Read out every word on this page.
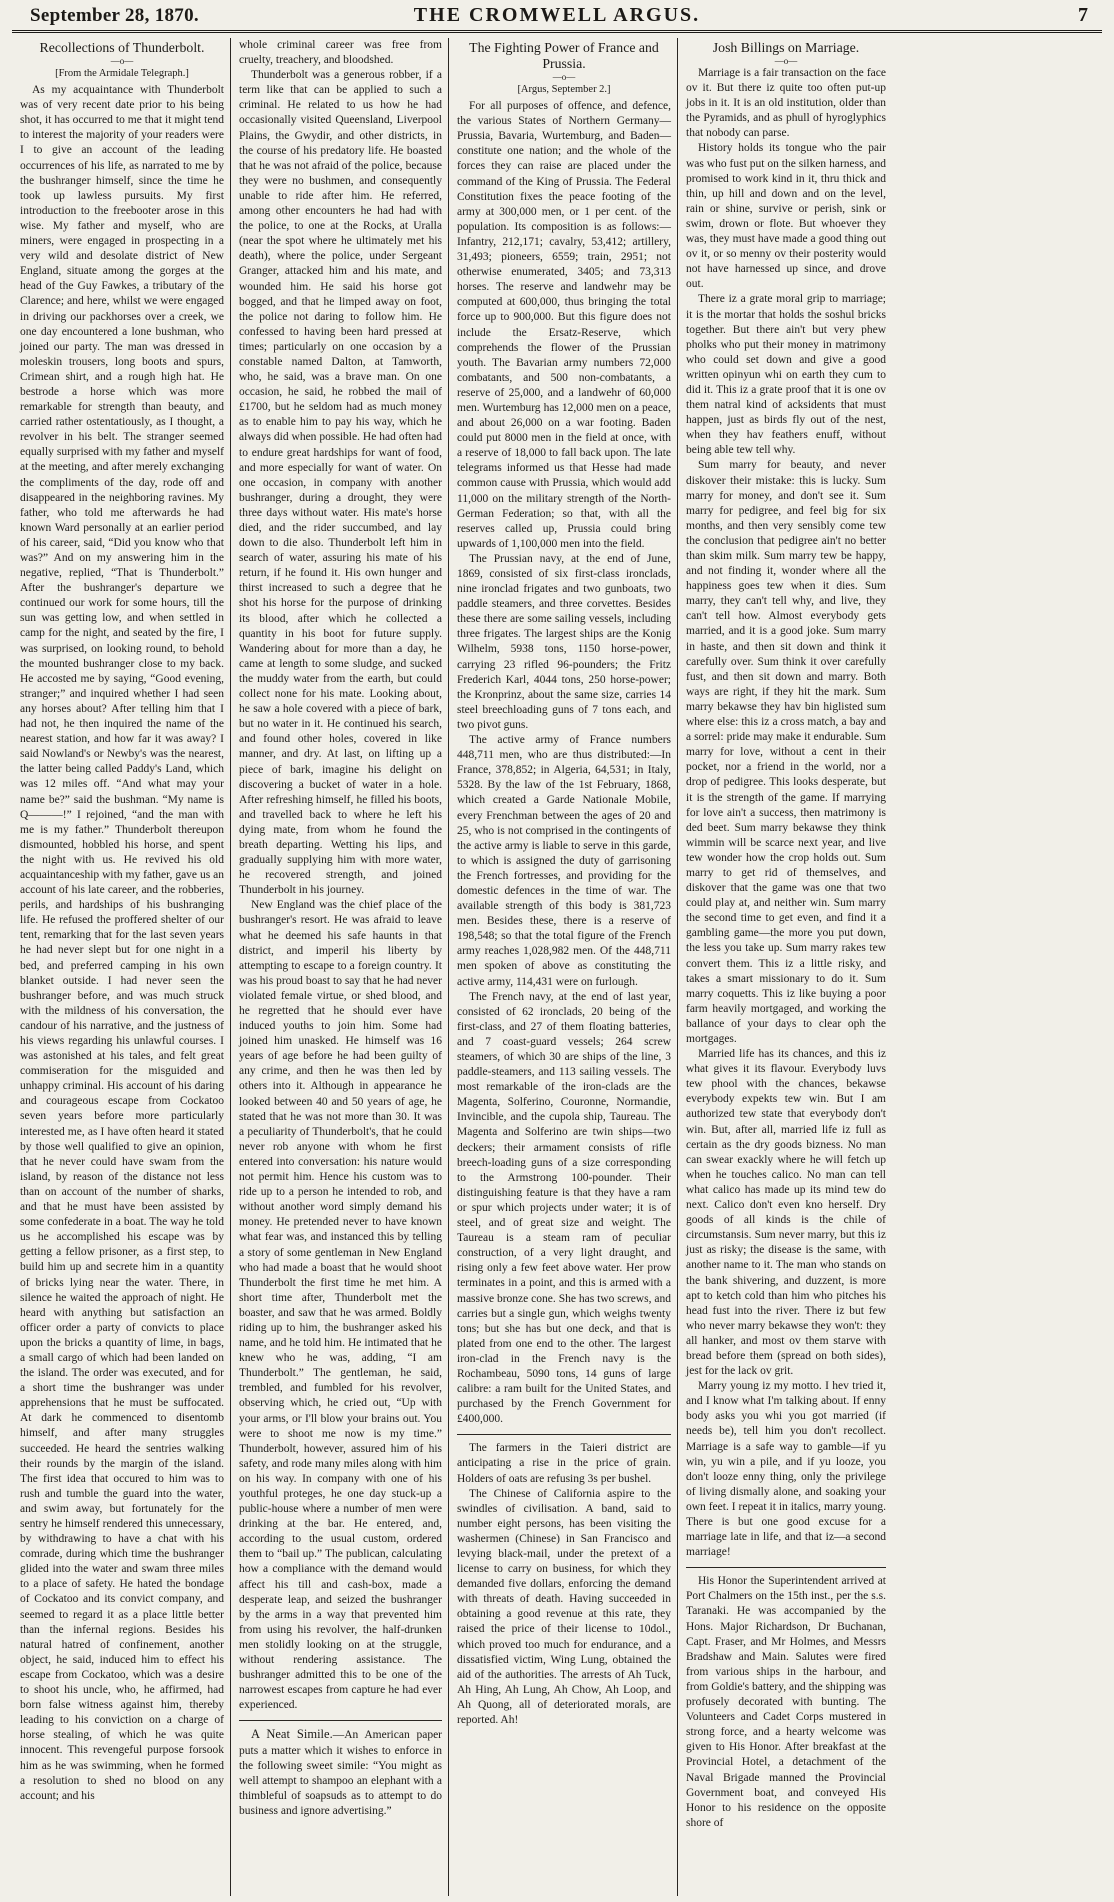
September 28, 1870.	THE CROMWELL ARGUS.	7
Recollections of Thunderbolt.
—o—
[From the Armidale Telegraph.]

As my acquaintance with Thunderbolt was of very recent date prior to his being shot, it has occurred to me that it might tend to interest the majority of your readers were I to give an account of the leading occurrences of his life, as narrated to me by the bushranger himself, since the time he took up lawless pursuits. My first introduction to the freebooter arose in this wise. My father and myself, who are miners, were engaged in prospecting in a very wild and desolate district of New England, situate among the gorges at the head of the Guy Fawkes, a tributary of the Clarence; and here, whilst we were engaged in driving our packhorses over a creek, we one day encountered a lone bushman, who joined our party. The man was dressed in moleskin trousers, long boots and spurs, Crimean shirt, and a rough high hat. He bestrode a horse which was more remarkable for strength than beauty, and carried rather ostentatiously, as I thought, a revolver in his belt. The stranger seemed equally surprised with my father and myself at the meeting, and after merely exchanging the compliments of the day, rode off and disappeared in the neighboring ravines. My father, who told me afterwards he had known Ward personally at an earlier period of his career, said, “Did you know who that was?” And on my answering him in the negative, replied, “That is Thunderbolt.” After the bushranger's departure we continued our work for some hours, till the sun was getting low, and when settled in camp for the night, and seated by the fire, I was surprised, on looking round, to behold the mounted bushranger close to my back. He accosted me by saying, “Good evening, stranger;” and inquired whether I had seen any horses about? After telling him that I had not, he then inquired the name of the nearest station, and how far it was away? I said Nowland's or Newby's was the nearest, the latter being called Paddy's Land, which was 12 miles off. “And what may your name be?” said the bushman. “My name is Q———!” I rejoined, “and the man with me is my father.” Thunderbolt thereupon dismounted, hobbled his horse, and spent the night with us. He revived his old acquaintanceship with my father, gave us an account of his late career, and the robberies, perils, and hardships of his bushranging life. He refused the proffered shelter of our tent, remarking that for the last seven years he had never slept but for one night in a bed, and preferred camping in his own blanket outside. I had never seen the bushranger before, and was much struck with the mildness of his conversation, the candour of his narrative, and the justness of his views regarding his unlawful courses. I was astonished at his tales, and felt great commiseration for the misguided and unhappy criminal. His account of his daring and courageous escape from Cockatoo seven years before more particularly interested me, as I have often heard it stated by those well qualified to give an opinion, that he never could have swam from the island, by reason of the distance not less than on account of the number of sharks, and that he must have been assisted by some confederate in a boat. The way he told us he accomplished his escape was by getting a fellow prisoner, as a first step, to build him up and secrete him in a quantity of bricks lying near the water. There, in silence he waited the approach of night. He heard with anything but satisfaction an officer order a party of convicts to place upon the bricks a quantity of lime, in bags, a small cargo of which had been landed on the island. The order was executed, and for a short time the bushranger was under apprehensions that he must be suffocated. At dark he commenced to disentomb himself, and after many struggles succeeded. He heard the sentries walking their rounds by the margin of the island. The first idea that occured to him was to rush and tumble the guard into the water, and swim away, but fortunately for the sentry he himself rendered this unnecessary, by withdrawing to have a chat with his comrade, during which time the bushranger glided into the water and swam three miles to a place of safety. He hated the bondage of Cockatoo and its convict company, and seemed to regard it as a place little better than the infernal regions. Besides his natural hatred of confinement, another object, he said, induced him to effect his escape from Cockatoo, which was a desire to shoot his uncle, who, he affirmed, had born false witness against him, thereby leading to his conviction on a charge of horse stealing, of which he was quite innocent. This revengeful purpose forsook him as he was swimming, when he formed a resolution to shed no blood on any account; and his

whole criminal career was free from cruelty, treachery, and bloodshed.

Thunderbolt was a generous robber, if a term like that can be applied to such a criminal. He related to us how he had occasionally visited Queensland, Liverpool Plains, the Gwydir, and other districts, in the course of his predatory life. He boasted that he was not afraid of the police, because they were no bushmen, and consequently unable to ride after him. He referred, among other encounters he had had with the police, to one at the Rocks, at Uralla (near the spot where he ultimately met his death), where the police, under Sergeant Granger, attacked him and his mate, and wounded him. He said his horse got bogged, and that he limped away on foot, the police not daring to follow him. He confessed to having been hard pressed at times; particularly on one occasion by a constable named Dalton, at Tamworth, who, he said, was a brave man. On one occasion, he said, he robbed the mail of £1700, but he seldom had as much money as to enable him to pay his way, which he always did when possible. He had often had to endure great hardships for want of food, and more especially for want of water. On one occasion, in company with another bushranger, during a drought, they were three days without water. His mate's horse died, and the rider succumbed, and lay down to die also. Thunderbolt left him in search of water, assuring his mate of his return, if he found it. His own hunger and thirst increased to such a degree that he shot his horse for the purpose of drinking its blood, after which he collected a quantity in his boot for future supply. Wandering about for more than a day, he came at length to some sludge, and sucked the muddy water from the earth, but could collect none for his mate. Looking about, he saw a hole covered with a piece of bark, but no water in it. He continued his search, and found other holes, covered in like manner, and dry. At last, on lifting up a piece of bark, imagine his delight on discovering a bucket of water in a hole. After refreshing himself, he filled his boots, and travelled back to where he left his dying mate, from whom he found the breath departing. Wetting his lips, and gradually supplying him with more water, he recovered strength, and joined Thunderbolt in his journey.

New England was the chief place of the bushranger's resort. He was afraid to leave what he deemed his safe haunts in that district, and imperil his liberty by attempting to escape to a foreign country. It was his proud boast to say that he had never violated female virtue, or shed blood, and he regretted that he should ever have induced youths to join him. Some had joined him unasked. He himself was 16 years of age before he had been guilty of any crime, and then he was then led by others into it. Although in appearance he looked between 40 and 50 years of age, he stated that he was not more than 30. It was a peculiarity of Thunderbolt's, that he could never rob anyone with whom he first entered into conversation: his nature would not permit him. Hence his custom was to ride up to a person he intended to rob, and without another word simply demand his money. He pretended never to have known what fear was, and instanced this by telling a story of some gentleman in New England who had made a boast that he would shoot Thunderbolt the first time he met him. A short time after, Thunderbolt met the boaster, and saw that he was armed. Boldly riding up to him, the bushranger asked his name, and he told him. He intimated that he knew who he was, adding, “I am Thunderbolt.” The gentleman, he said, trembled, and fumbled for his revolver, observing which, he cried out, “Up with your arms, or I'll blow your brains out. You were to shoot me now is my time.” Thunderbolt, however, assured him of his safety, and rode many miles along with him on his way. In company with one of his youthful proteges, he one day stuck-up a public-house where a number of men were drinking at the bar. He entered, and, according to the usual custom, ordered them to “bail up.” The publican, calculating how a compliance with the demand would affect his till and cash-box, made a desperate leap, and seized the bushranger by the arms in a way that prevented him from using his revolver, the half-drunken men stolidly looking on at the struggle, without rendering assistance. The bushranger admitted this to be one of the narrowest escapes from capture he had ever experienced.

A Neat Simile.—An American paper puts a matter which it wishes to enforce in the following sweet simile: “You might as well attempt to shampoo an elephant with a thimbleful of soapsuds as to attempt to do business and ignore advertising.”

The Fighting Power of France and
Prussia.
—o—
[Argus, September 2.]

For all purposes of offence, and defence, the various States of Northern Germany—Prussia, Bavaria, Wurtemburg, and Baden—constitute one nation; and the whole of the forces they can raise are placed under the command of the King of Prussia. The Federal Constitution fixes the peace footing of the army at 300,000 men, or 1 per cent. of the population. Its composition is as follows:—Infantry, 212,171; cavalry, 53,412; artillery, 31,493; pioneers, 6559; train, 2951; not otherwise enumerated, 3405; and 73,313 horses. The reserve and landwehr may be computed at 600,000, thus bringing the total force up to 900,000. But this figure does not include the Ersatz-Reserve, which comprehends the flower of the Prussian youth. The Bavarian army numbers 72,000 combatants, and 500 non-combatants, a reserve of 25,000, and a landwehr of 60,000 men. Wurtemburg has 12,000 men on a peace, and about 26,000 on a war footing. Baden could put 8000 men in the field at once, with a reserve of 18,000 to fall back upon. The late telegrams informed us that Hesse had made common cause with Prussia, which would add 11,000 on the military strength of the North-German Federation; so that, with all the reserves called up, Prussia could bring upwards of 1,100,000 men into the field.

The Prussian navy, at the end of June, 1869, consisted of six first-class ironclads, nine ironclad frigates and two gunboats, two paddle steamers, and three corvettes. Besides these there are some sailing vessels, including three frigates. The largest ships are the Konig Wilhelm, 5938 tons, 1150 horse-power, carrying 23 rifled 96-pounders; the Fritz Frederich Karl, 4044 tons, 250 horse-power; the Kronprinz, about the same size, carries 14 steel breechloading guns of 7 tons each, and two pivot guns.

The active army of France numbers 448,711 men, who are thus distributed:—In France, 378,852; in Algeria, 64,531; in Italy, 5328. By the law of the 1st February, 1868, which created a Garde Nationale Mobile, every Frenchman between the ages of 20 and 25, who is not comprised in the contingents of the active army is liable to serve in this garde, to which is assigned the duty of garrisoning the French fortresses, and providing for the domestic defences in the time of war. The available strength of this body is 381,723 men. Besides these, there is a reserve of 198,548; so that the total figure of the French army reaches 1,028,982 men. Of the 448,711 men spoken of above as constituting the active army, 114,431 were on furlough.

The French navy, at the end of last year, consisted of 62 ironclads, 20 being of the first-class, and 27 of them floating batteries, and 7 coast-guard vessels; 264 screw steamers, of which 30 are ships of the line, 3 paddle-steamers, and 113 sailing vessels. The most remarkable of the iron-clads are the Magenta, Solferino, Couronne, Normandie, Invincible, and the cupola ship, Taureau. The Magenta and Solferino are twin ships—two deckers; their armament consists of rifle breech-loading guns of a size corresponding to the Armstrong 100-pounder. Their distinguishing feature is that they have a ram or spur which projects under water; it is of steel, and of great size and weight. The Taureau is a steam ram of peculiar construction, of a very light draught, and rising only a few feet above water. Her prow terminates in a point, and this is armed with a massive bronze cone. She has two screws, and carries but a single gun, which weighs twenty tons; but she has but one deck, and that is plated from one end to the other. The largest iron-clad in the French navy is the Rochambeau, 5090 tons, 14 guns of large calibre: a ram built for the United States, and purchased by the French Government for £400,000.

The farmers in the Taieri district are anticipating a rise in the price of grain. Holders of oats are refusing 3s per bushel.

The Chinese of California aspire to the swindles of civilisation. A band, said to number eight persons, has been visiting the washermen (Chinese) in San Francisco and levying black-mail, under the pretext of a license to carry on business, for which they demanded five dollars, enforcing the demand with threats of death. Having succeeded in obtaining a good revenue at this rate, they raised the price of their license to 10dol., which proved too much for endurance, and a dissatisfied victim, Wing Lung, obtained the aid of the authorities. The arrests of Ah Tuck, Ah Hing, Ah Lung, Ah Chow, Ah Loop, and Ah Quong, all of deteriorated morals, are reported. Ah!

Josh Billings on Marriage.
—o—

Marriage is a fair transaction on the face ov it. But there iz quite too often put-up jobs in it. It is an old institution, older than the Pyramids, and as phull of hyroglyphics that nobody can parse.

History holds its tongue who the pair was who fust put on the silken harness, and promised to work kind in it, thru thick and thin, up hill and down and on the level, rain or shine, survive or perish, sink or swim, drown or flote. But whoever they was, they must have made a good thing out ov it, or so menny ov their posterity would not have harnessed up since, and drove out.

There iz a grate moral grip to marriage; it is the mortar that holds the soshul bricks together. But there ain't but very phew pholks who put their money in matrimony who could set down and give a good written opinyun whi on earth they cum to did it. This iz a grate proof that it is one ov them natral kind of acksidents that must happen, just as birds fly out of the nest, when they hav feathers enuff, without being able tew tell why.

Sum marry for beauty, and never diskover their mistake: this is lucky. Sum marry for money, and don't see it. Sum marry for pedigree, and feel big for six months, and then very sensibly come tew the conclusion that pedigree ain't no better than skim milk. Sum marry tew be happy, and not finding it, wonder where all the happiness goes tew when it dies. Sum marry, they can't tell why, and live, they can't tell how. Almost everybody gets married, and it is a good joke. Sum marry in haste, and then sit down and think it carefully over. Sum think it over carefully fust, and then sit down and marry. Both ways are right, if they hit the mark. Sum marry bekawse they hav bin higlisted sum where else: this iz a cross match, a bay and a sorrel: pride may make it endurable. Sum marry for love, without a cent in their pocket, nor a friend in the world, nor a drop of pedigree. This looks desperate, but it is the strength of the game. If marrying for love ain't a success, then matrimony is ded beet. Sum marry bekawse they think wimmin will be scarce next year, and live tew wonder how the crop holds out. Sum marry to get rid of themselves, and diskover that the game was one that two could play at, and neither win. Sum marry the second time to get even, and find it a gambling game—the more you put down, the less you take up. Sum marry rakes tew convert them. This iz a little risky, and takes a smart missionary to do it. Sum marry coquetts. This iz like buying a poor farm heavily mortgaged, and working the ballance of your days to clear oph the mortgages.

Married life has its chances, and this iz what gives it its flavour. Everybody luvs tew phool with the chances, bekawse everybody expekts tew win. But I am authorized tew state that everybody don't win. But, after all, married life iz full as certain as the dry goods bizness. No man can swear exackly where he will fetch up when he touches calico. No man can tell what calico has made up its mind tew do next. Calico don't even kno herself. Dry goods of all kinds is the chile of circumstansis. Sum never marry, but this iz just as risky; the disease is the same, with another name to it. The man who stands on the bank shivering, and duzzent, is more apt to ketch cold than him who pitches his head fust into the river. There iz but few who never marry bekawse they won't: they all hanker, and most ov them starve with bread before them (spread on both sides), jest for the lack ov grit.

Marry young iz my motto. I hev tried it, and I know what I'm talking about. If enny body asks you whi you got married (if needs be), tell him you don't recollect. Marriage is a safe way to gamble—if yu win, yu win a pile, and if yu looze, you don't looze enny thing, only the privilege of living dismally alone, and soaking your own feet. I repeat it in italics, marry young. There is but one good excuse for a marriage late in life, and that iz—a second marriage!

His Honor the Superintendent arrived at Port Chalmers on the 15th inst., per the s.s. Taranaki. He was accompanied by the Hons. Major Richardson, Dr Buchanan, Capt. Fraser, and Mr Holmes, and Messrs Bradshaw and Main. Salutes were fired from various ships in the harbour, and from Goldie's battery, and the shipping was profusely decorated with bunting. The Volunteers and Cadet Corps mustered in strong force, and a hearty welcome was given to His Honor. After breakfast at the Provincial Hotel, a detachment of the Naval Brigade manned the Provincial Government boat, and conveyed His Honor to his residence on the opposite shore of
